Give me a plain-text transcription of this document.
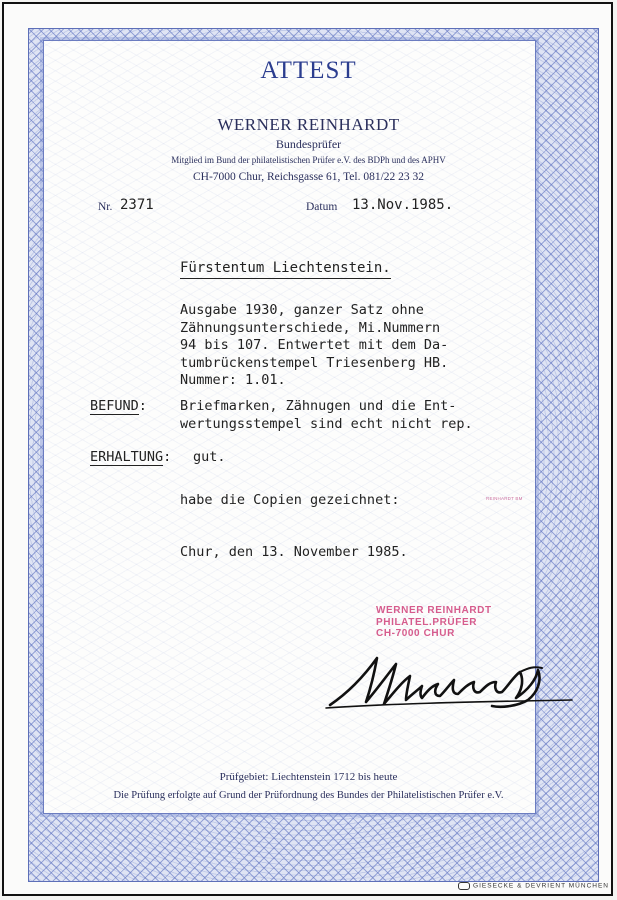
ATTEST
WERNER REINHARDT
Bundesprüfer
Mitglied im Bund der philatelistischen Prüfer e.V. des BDPh und des APHV
CH-7000 Chur, Reichsgasse 61, Tel. 081/22 23 32
Nr. 2371	Datum 13.Nov.1985.
Fürstentum Liechtenstein.
Ausgabe 1930, ganzer Satz ohne
Zähnungsunterschiede, Mi.Nummern
94 bis 107. Entwertet mit dem Da-
tumbrückenstempel Triesenberg HB.
Nummer: 1.01.
BEFUND: Briefmarken, Zähnugen und die Ent-
wertungsstempel sind echt nicht rep.
ERHALTUNG: gut.
habe die Copien gezeichnet:	REINHARDT BM
Chur, den 13. November 1985.
WERNER REINHARDT
PHILATEL.PRÜFER
CH-7000 CHUR
Prüfgebiet: Liechtenstein 1712 bis heute
Die Prüfung erfolgte auf Grund der Prüfordnung des Bundes der Philatelistischen Prüfer e.V.
GIESECKE & DEVRIENT MÜNCHEN
